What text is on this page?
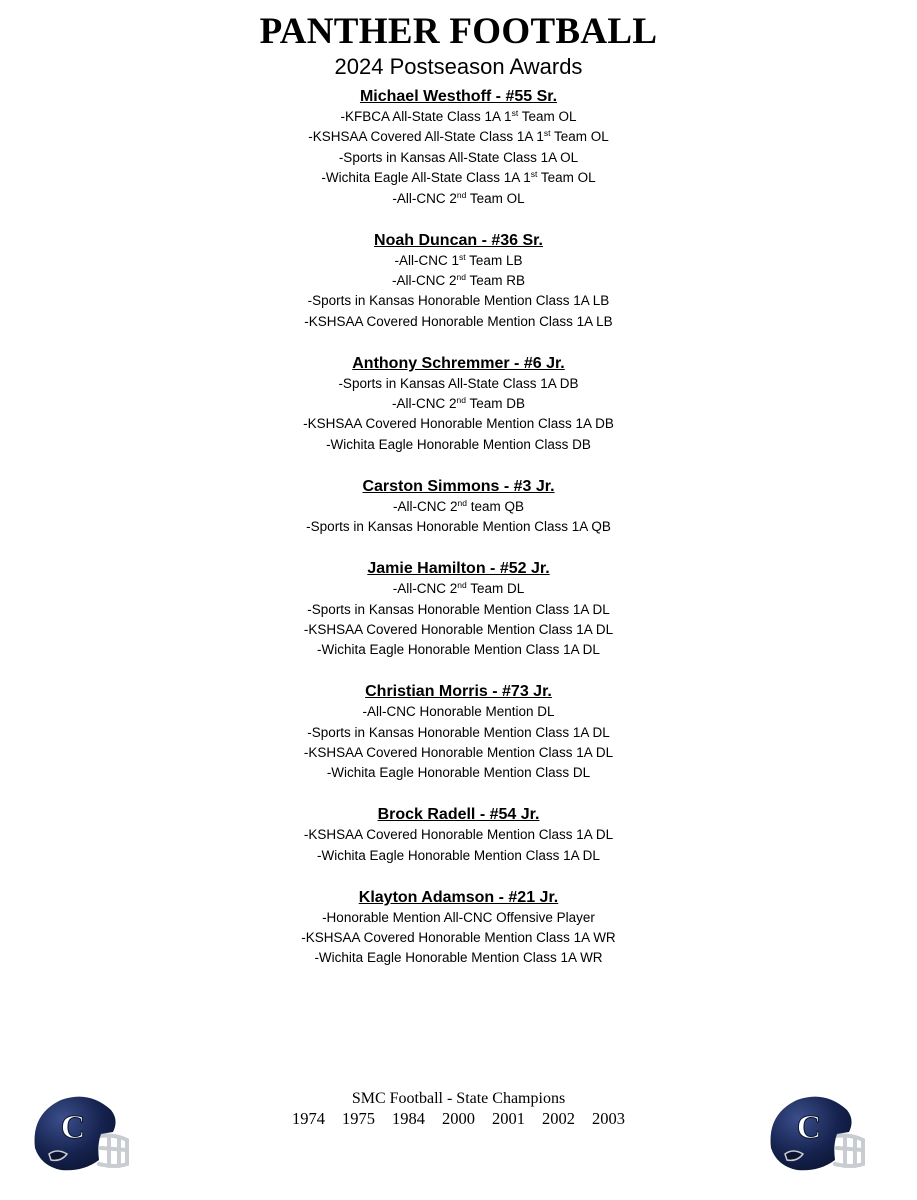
PANTHER FOOTBALL
2024 Postseason Awards
Michael Westhoff - #55 Sr.
-KFBCA All-State Class 1A 1st Team OL
-KSHSAA Covered All-State Class 1A 1st Team OL
-Sports in Kansas All-State Class 1A OL
-Wichita Eagle All-State Class 1A 1st Team OL
-All-CNC 2nd Team OL
Noah Duncan - #36 Sr.
-All-CNC 1st Team LB
-All-CNC 2nd Team RB
-Sports in Kansas Honorable Mention Class 1A LB
-KSHSAA Covered Honorable Mention Class 1A LB
Anthony Schremmer - #6 Jr.
-Sports in Kansas All-State Class 1A DB
-All-CNC 2nd Team DB
-KSHSAA Covered Honorable Mention Class 1A DB
-Wichita Eagle Honorable Mention Class DB
Carston Simmons - #3 Jr.
-All-CNC 2nd team QB
-Sports in Kansas Honorable Mention Class 1A QB
Jamie Hamilton - #52 Jr.
-All-CNC 2nd Team DL
-Sports in Kansas Honorable Mention Class 1A DL
-KSHSAA Covered Honorable Mention Class 1A DL
-Wichita Eagle Honorable Mention Class 1A DL
Christian Morris - #73 Jr.
-All-CNC Honorable Mention DL
-Sports in Kansas Honorable Mention Class 1A DL
-KSHSAA Covered Honorable Mention Class 1A DL
-Wichita Eagle Honorable Mention Class DL
Brock Radell - #54 Jr.
-KSHSAA Covered Honorable Mention Class 1A DL
-Wichita Eagle Honorable Mention Class 1A DL
Klayton Adamson - #21 Jr.
-Honorable Mention All-CNC Offensive Player
-KSHSAA Covered Honorable Mention Class 1A WR
-Wichita Eagle Honorable Mention Class 1A WR
SMC Football - State Champions
1974 1975 1984 2000 2001 2002 2003
C	C
